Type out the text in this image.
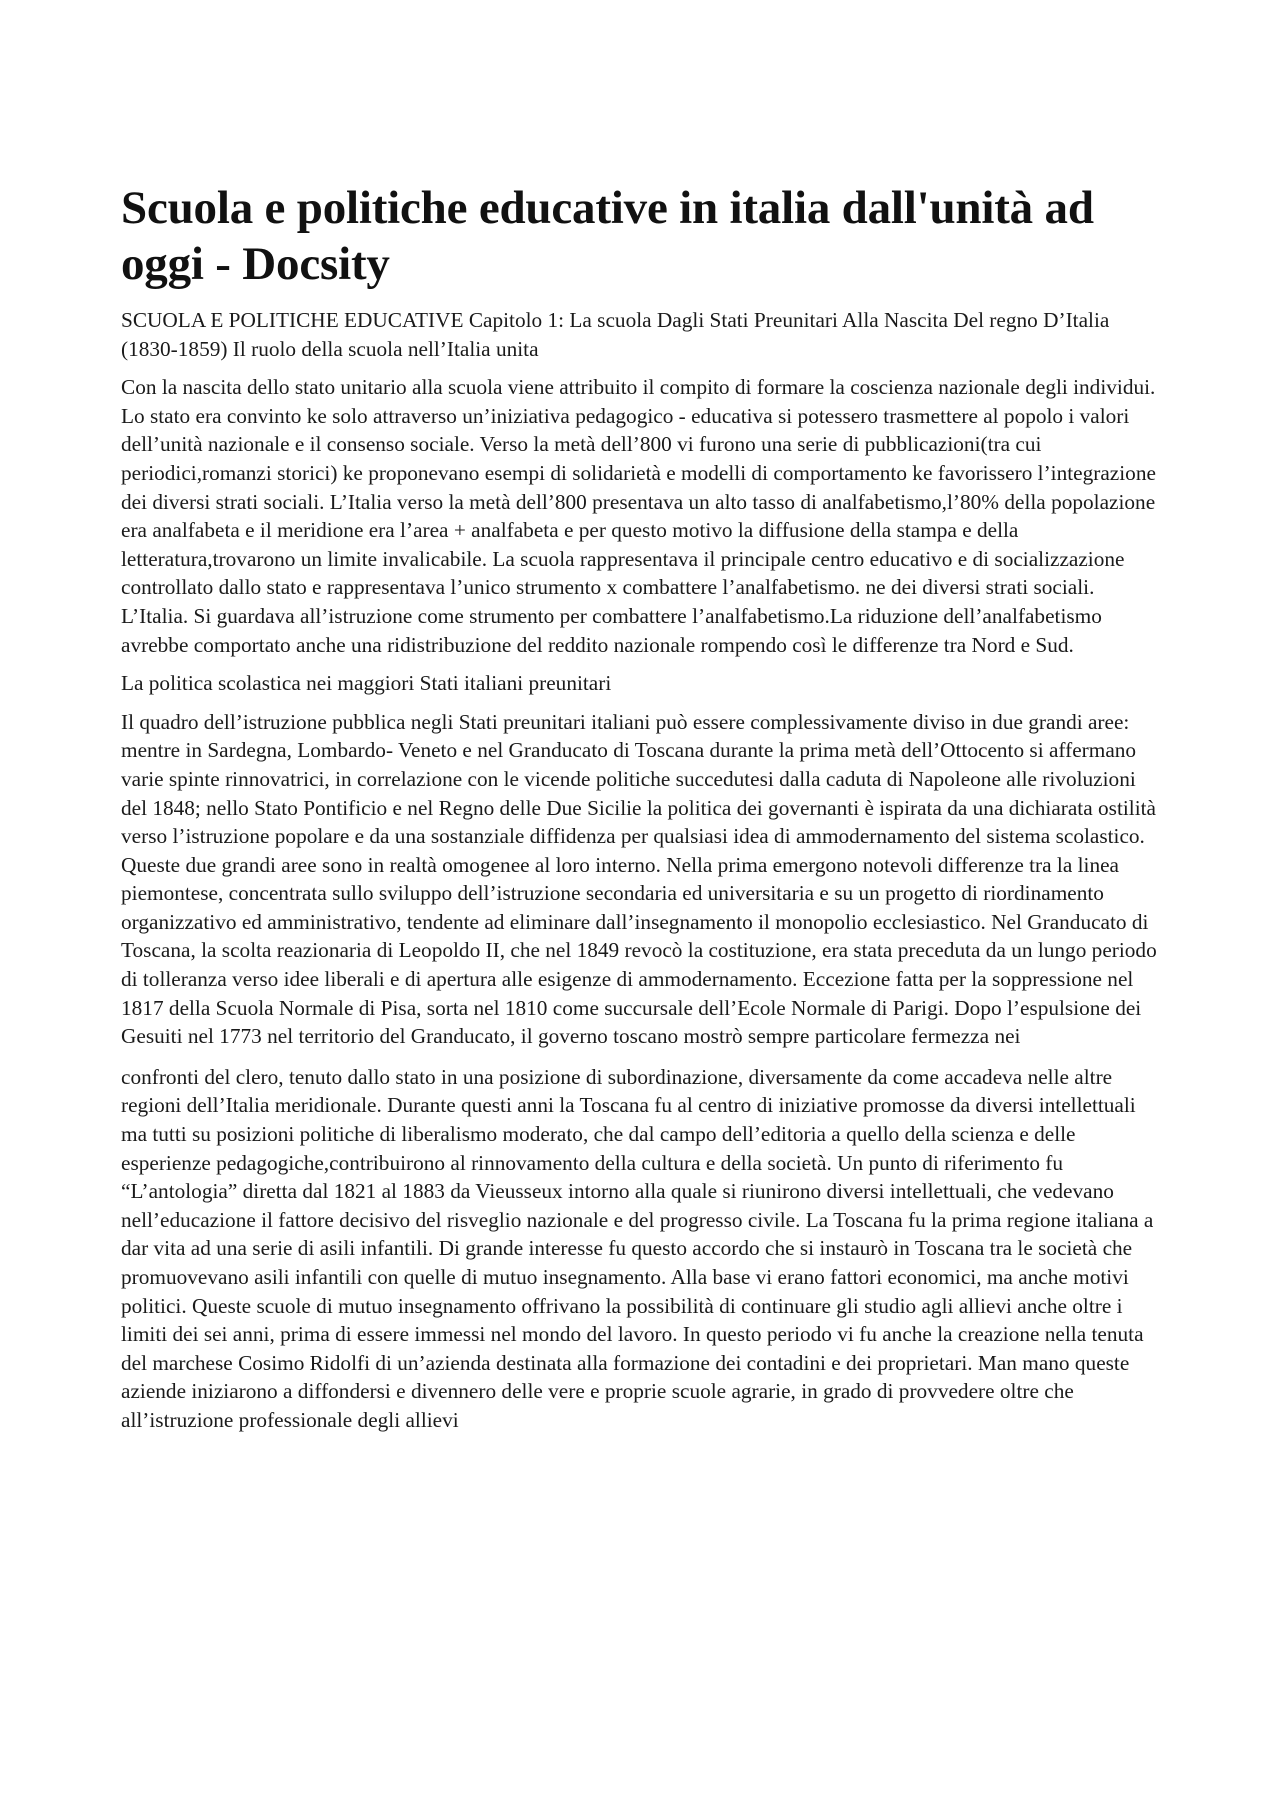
Scuola e politiche educative in italia dall'unità ad oggi - Docsity

SCUOLA E POLITICHE EDUCATIVE Capitolo 1: La scuola Dagli Stati Preunitari Alla Nascita Del regno D’Italia (1830-1859) Il ruolo della scuola nell’Italia unita

Con la nascita dello stato unitario alla scuola viene attribuito il compito di formare la coscienza nazionale degli individui. Lo stato era convinto ke solo attraverso un’iniziativa pedagogico - educativa si potessero trasmettere al popolo i valori dell’unità nazionale e il consenso sociale. Verso la metà dell’800 vi furono una serie di pubblicazioni(tra cui periodici,romanzi storici) ke proponevano esempi di solidarietà e modelli di comportamento ke favorissero l’integrazione dei diversi strati sociali. L’Italia verso la metà dell’800 presentava un alto tasso di analfabetismo,l’80% della popolazione era analfabeta e il meridione era l’area + analfabeta e per questo motivo la diffusione della stampa e della letteratura,trovarono un limite invalicabile. La scuola rappresentava il principale centro educativo e di socializzazione controllato dallo stato e rappresentava l’unico strumento x combattere l’analfabetismo. ne dei diversi strati sociali. L’Italia. Si guardava all’istruzione come strumento per combattere l’analfabetismo.La riduzione dell’analfabetismo avrebbe comportato anche una ridistribuzione del reddito nazionale rompendo così le differenze tra Nord e Sud.

La politica scolastica nei maggiori Stati italiani preunitari

Il quadro dell’istruzione pubblica negli Stati preunitari italiani può essere complessivamente diviso in due grandi aree: mentre in Sardegna, Lombardo- Veneto e nel Granducato di Toscana durante la prima metà dell’Ottocento si affermano varie spinte rinnovatrici, in correlazione con le vicende politiche succedutesi dalla caduta di Napoleone alle rivoluzioni del 1848; nello Stato Pontificio e nel Regno delle Due Sicilie la politica dei governanti è ispirata da una dichiarata ostilità verso l’istruzione popolare e da una sostanziale diffidenza per qualsiasi idea di ammodernamento del sistema scolastico. Queste due grandi aree sono in realtà omogenee al loro interno. Nella prima emergono notevoli differenze tra la linea piemontese, concentrata sullo sviluppo dell’istruzione secondaria ed universitaria e su un progetto di riordinamento organizzativo ed amministrativo, tendente ad eliminare dall’insegnamento il monopolio ecclesiastico. Nel Granducato di Toscana, la scolta reazionaria di Leopoldo II, che nel 1849 revocò la costituzione, era stata preceduta da un lungo periodo di tolleranza verso idee liberali e di apertura alle esigenze di ammodernamento. Eccezione fatta per la soppressione nel 1817 della Scuola Normale di Pisa, sorta nel 1810 come succursale dell’Ecole Normale di Parigi. Dopo l’espulsione dei Gesuiti nel 1773 nel territorio del Granducato, il governo toscano mostrò sempre particolare fermezza nei

confronti del clero, tenuto dallo stato in una posizione di subordinazione, diversamente da come accadeva nelle altre regioni dell’Italia meridionale. Durante questi anni la Toscana fu al centro di iniziative promosse da diversi intellettuali ma tutti su posizioni politiche di liberalismo moderato, che dal campo dell’editoria a quello della scienza e delle esperienze pedagogiche,contribuirono al rinnovamento della cultura e della società. Un punto di riferimento fu “L’antologia” diretta dal 1821 al 1883 da Vieusseux intorno alla quale si riunirono diversi intellettuali, che vedevano nell’educazione il fattore decisivo del risveglio nazionale e del progresso civile. La Toscana fu la prima regione italiana a dar vita ad una serie di asili infantili. Di grande interesse fu questo accordo che si instaurò in Toscana tra le società che promuovevano asili infantili con quelle di mutuo insegnamento. Alla base vi erano fattori economici, ma anche motivi politici. Queste scuole di mutuo insegnamento offrivano la possibilità di continuare gli studio agli allievi anche oltre i limiti dei sei anni, prima di essere immessi nel mondo del lavoro. In questo periodo vi fu anche la creazione nella tenuta del marchese Cosimo Ridolfi di un’azienda destinata alla formazione dei contadini e dei proprietari. Man mano queste aziende iniziarono a diffondersi e divennero delle vere e proprie scuole agrarie, in grado di provvedere oltre che all’istruzione professionale degli allievi
